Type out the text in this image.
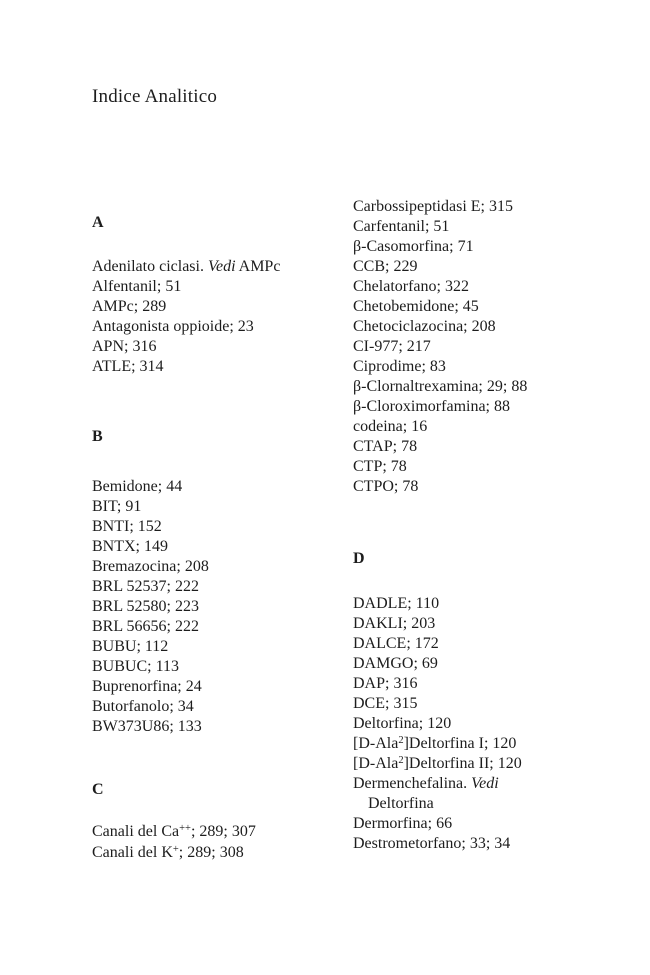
Indice Analitico
A
Adenilato ciclasi. Vedi AMPc
Alfentanil; 51
AMPc; 289
Antagonista oppioide; 23
APN; 316
ATLE; 314
B
Bemidone; 44
BIT; 91
BNTI; 152
BNTX; 149
Bremazocina; 208
BRL 52537; 222
BRL 52580; 223
BRL 56656; 222
BUBU; 112
BUBUC; 113
Buprenorfina; 24
Butorfanolo; 34
BW373U86; 133
C
Canali del Ca++; 289; 307
Canali del K+; 289; 308
Carbossipeptidasi E; 315
Carfentanil; 51
β-Casomorfina; 71
CCB; 229
Chelatorfano; 322
Chetobemidone; 45
Chetociclazocina; 208
CI-977; 217
Ciprodime; 83
β-Clornaltrexamina; 29; 88
β-Cloroximorfamina; 88
codeina; 16
CTAP; 78
CTP; 78
CTPO; 78
D
DADLE; 110
DAKLI; 203
DALCE; 172
DAMGO; 69
DAP; 316
DCE; 315
Deltorfina; 120
[D-Ala$^2$]Deltorfina I; 120
[D-Ala$^2$]Deltorfina II; 120
Dermenchefalina. Vedi
Deltorfina
Dermorfina; 66
Destrometorfano; 33; 34
